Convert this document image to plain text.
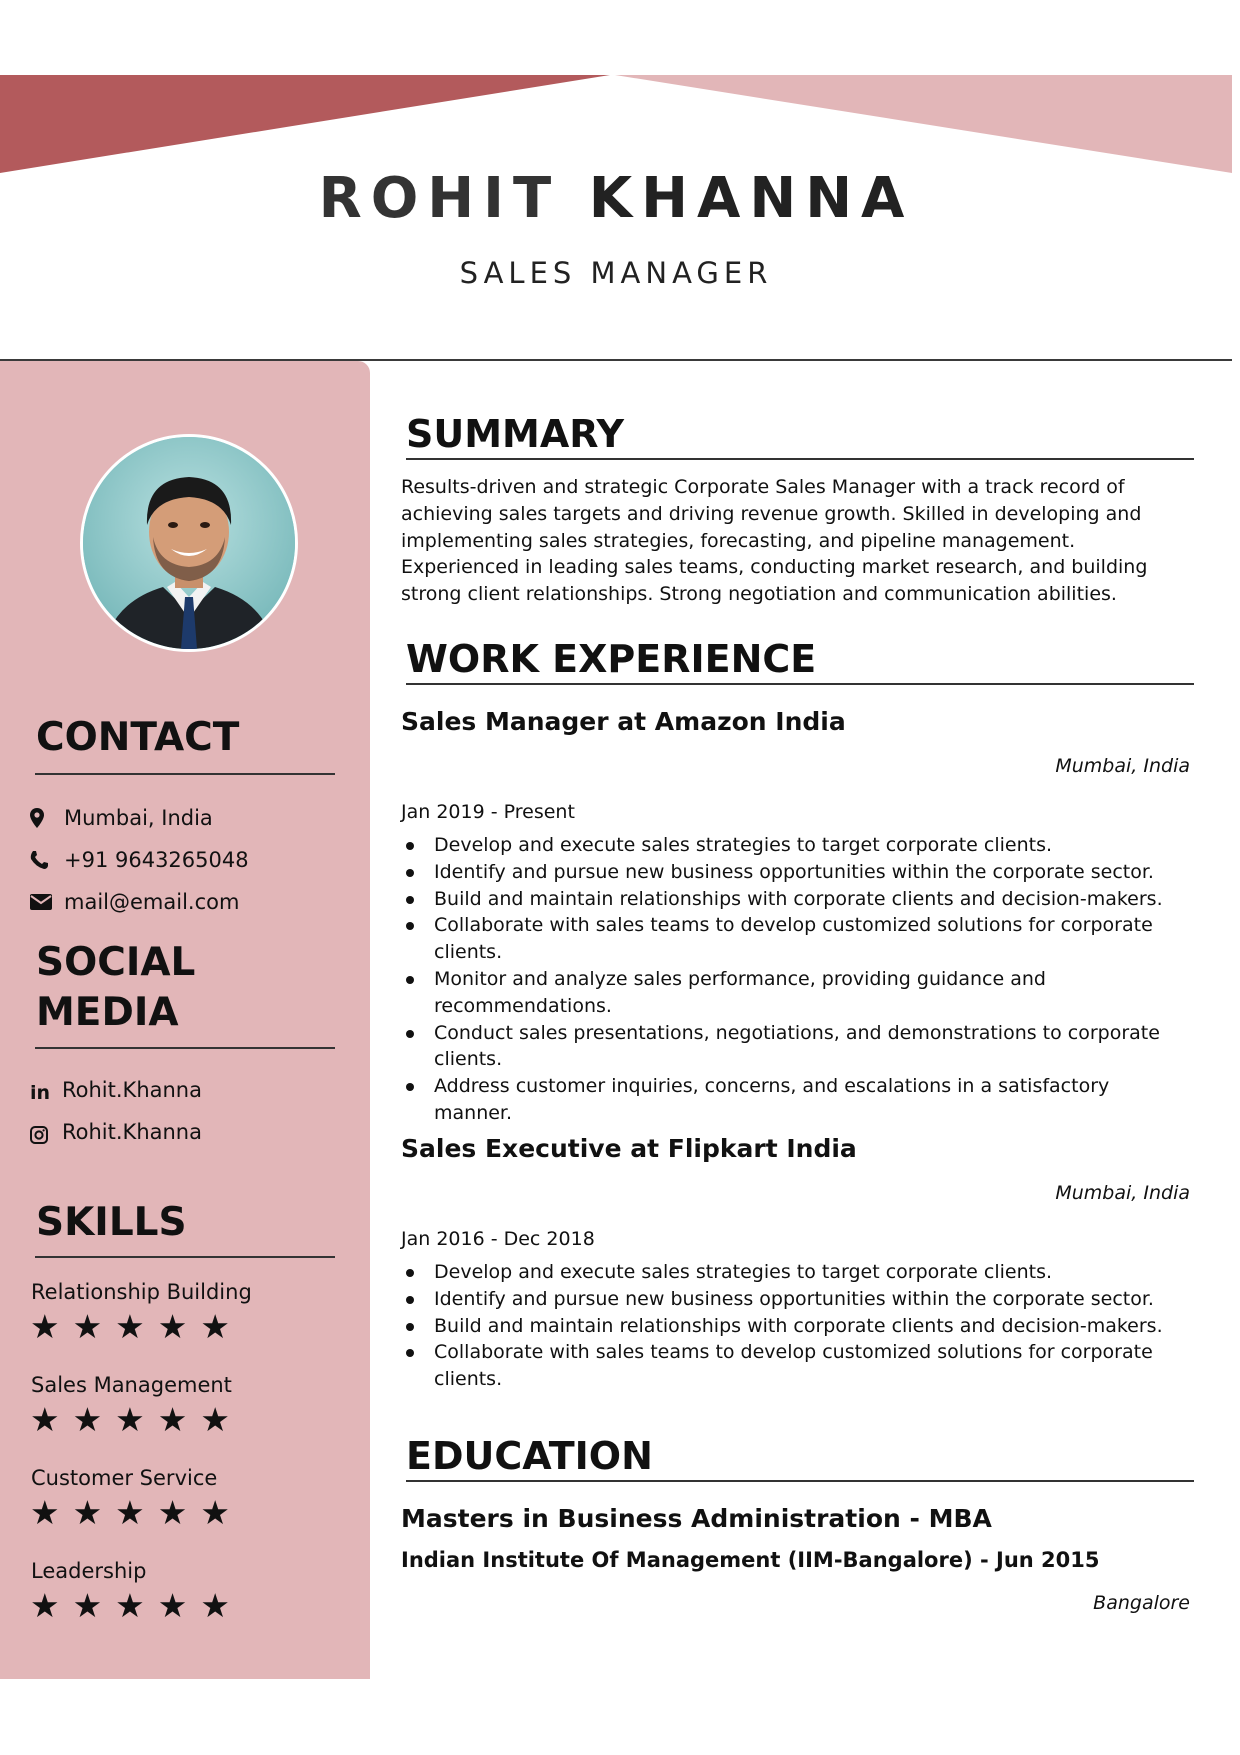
ROHIT KHANNA
SALES MANAGER
CONTACT
Mumbai, India
+91 9643265048
mail@email.com
SOCIAL
MEDIA
in Rohit.Khanna
Rohit.Khanna
SKILLS
Relationship Building
★★★★★
Sales Management
★★★★★
Customer Service
★★★★★
Leadership
★★★★★
SUMMARY
Results-driven and strategic Corporate Sales Manager with a track record of achieving sales targets and driving revenue growth. Skilled in developing and implementing sales strategies, forecasting, and pipeline management. Experienced in leading sales teams, conducting market research, and building strong client relationships. Strong negotiation and communication abilities.
WORK EXPERIENCE
Sales Manager at Amazon India
Mumbai, India
Jan 2019 - Present
Develop and execute sales strategies to target corporate clients.
Identify and pursue new business opportunities within the corporate sector.
Build and maintain relationships with corporate clients and decision-makers.
Collaborate with sales teams to develop customized solutions for corporate clients.
Monitor and analyze sales performance, providing guidance and recommendations.
Conduct sales presentations, negotiations, and demonstrations to corporate clients.
Address customer inquiries, concerns, and escalations in a satisfactory manner.
Sales Executive at Flipkart India
Mumbai, India
Jan 2016 - Dec 2018
Develop and execute sales strategies to target corporate clients.
Identify and pursue new business opportunities within the corporate sector.
Build and maintain relationships with corporate clients and decision-makers.
Collaborate with sales teams to develop customized solutions for corporate clients.
EDUCATION
Masters in Business Administration - MBA
Indian Institute Of Management (IIM-Bangalore) - Jun 2015
Bangalore
